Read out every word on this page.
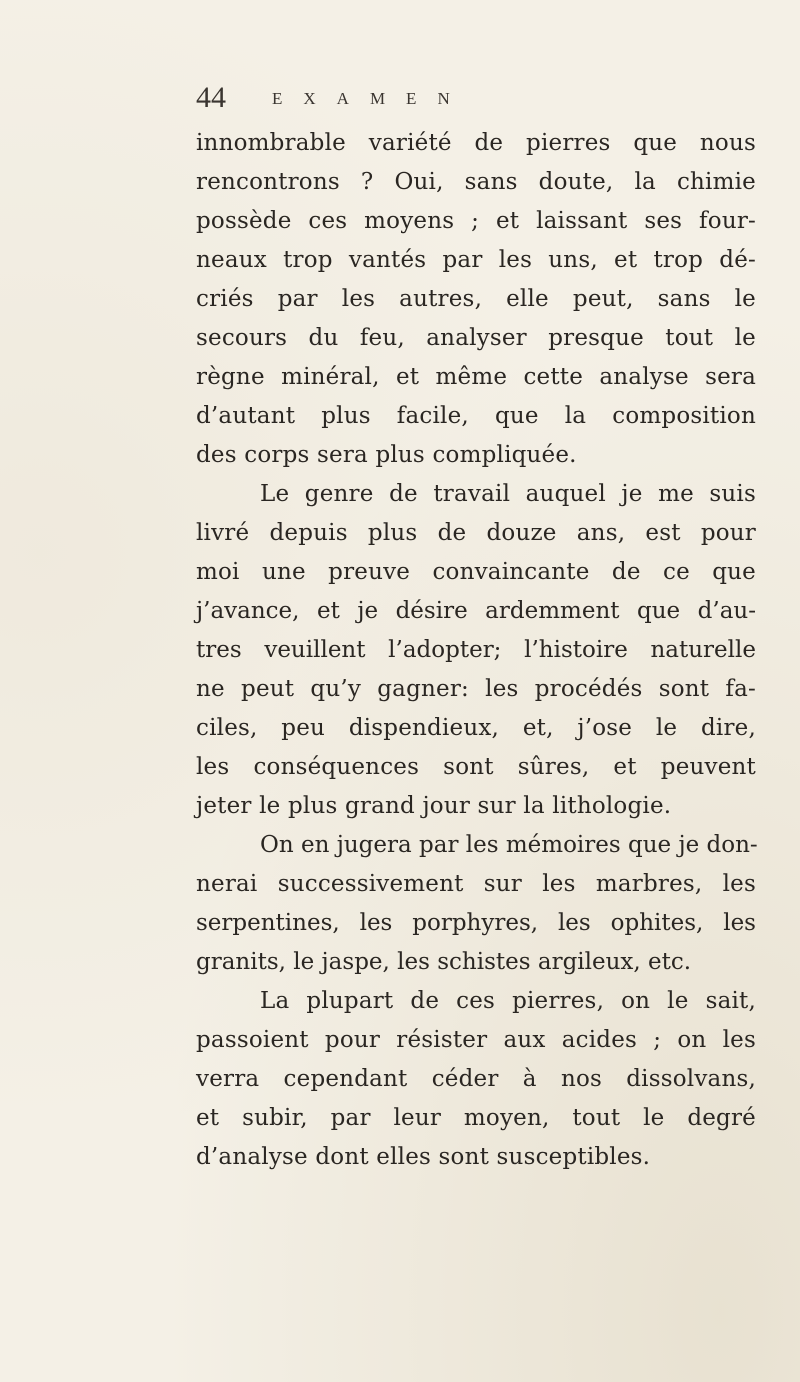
44	EXAMEN
innombrable variété de pierres que nous
rencontrons ? Oui, sans doute, la chimie
possède ces moyens ; et laissant ses four-
neaux trop vantés par les uns, et trop dé-
criés par les autres, elle peut, sans le
secours du feu, analyser presque tout le
règne minéral, et même cette analyse sera
d’autant plus facile, que la composition
des corps sera plus compliquée.
Le genre de travail auquel je me suis
livré depuis plus de douze ans, est pour
moi une preuve convaincante de ce que
j’avance, et je désire ardemment que d’au-
tres veuillent l’adopter; l’histoire naturelle
ne peut qu’y gagner: les procédés sont fa-
ciles, peu dispendieux, et, j’ose le dire,
les conséquences sont sûres, et peuvent
jeter le plus grand jour sur la lithologie.
On en jugera par les mémoires que je don-
nerai successivement sur les marbres, les
serpentines, les porphyres, les ophites, les
granits, le jaspe, les schistes argileux, etc.
La plupart de ces pierres, on le sait,
passoient pour résister aux acides ; on les
verra cependant céder à nos dissolvans,
et subir, par leur moyen, tout le degré
d’analyse dont elles sont susceptibles.
